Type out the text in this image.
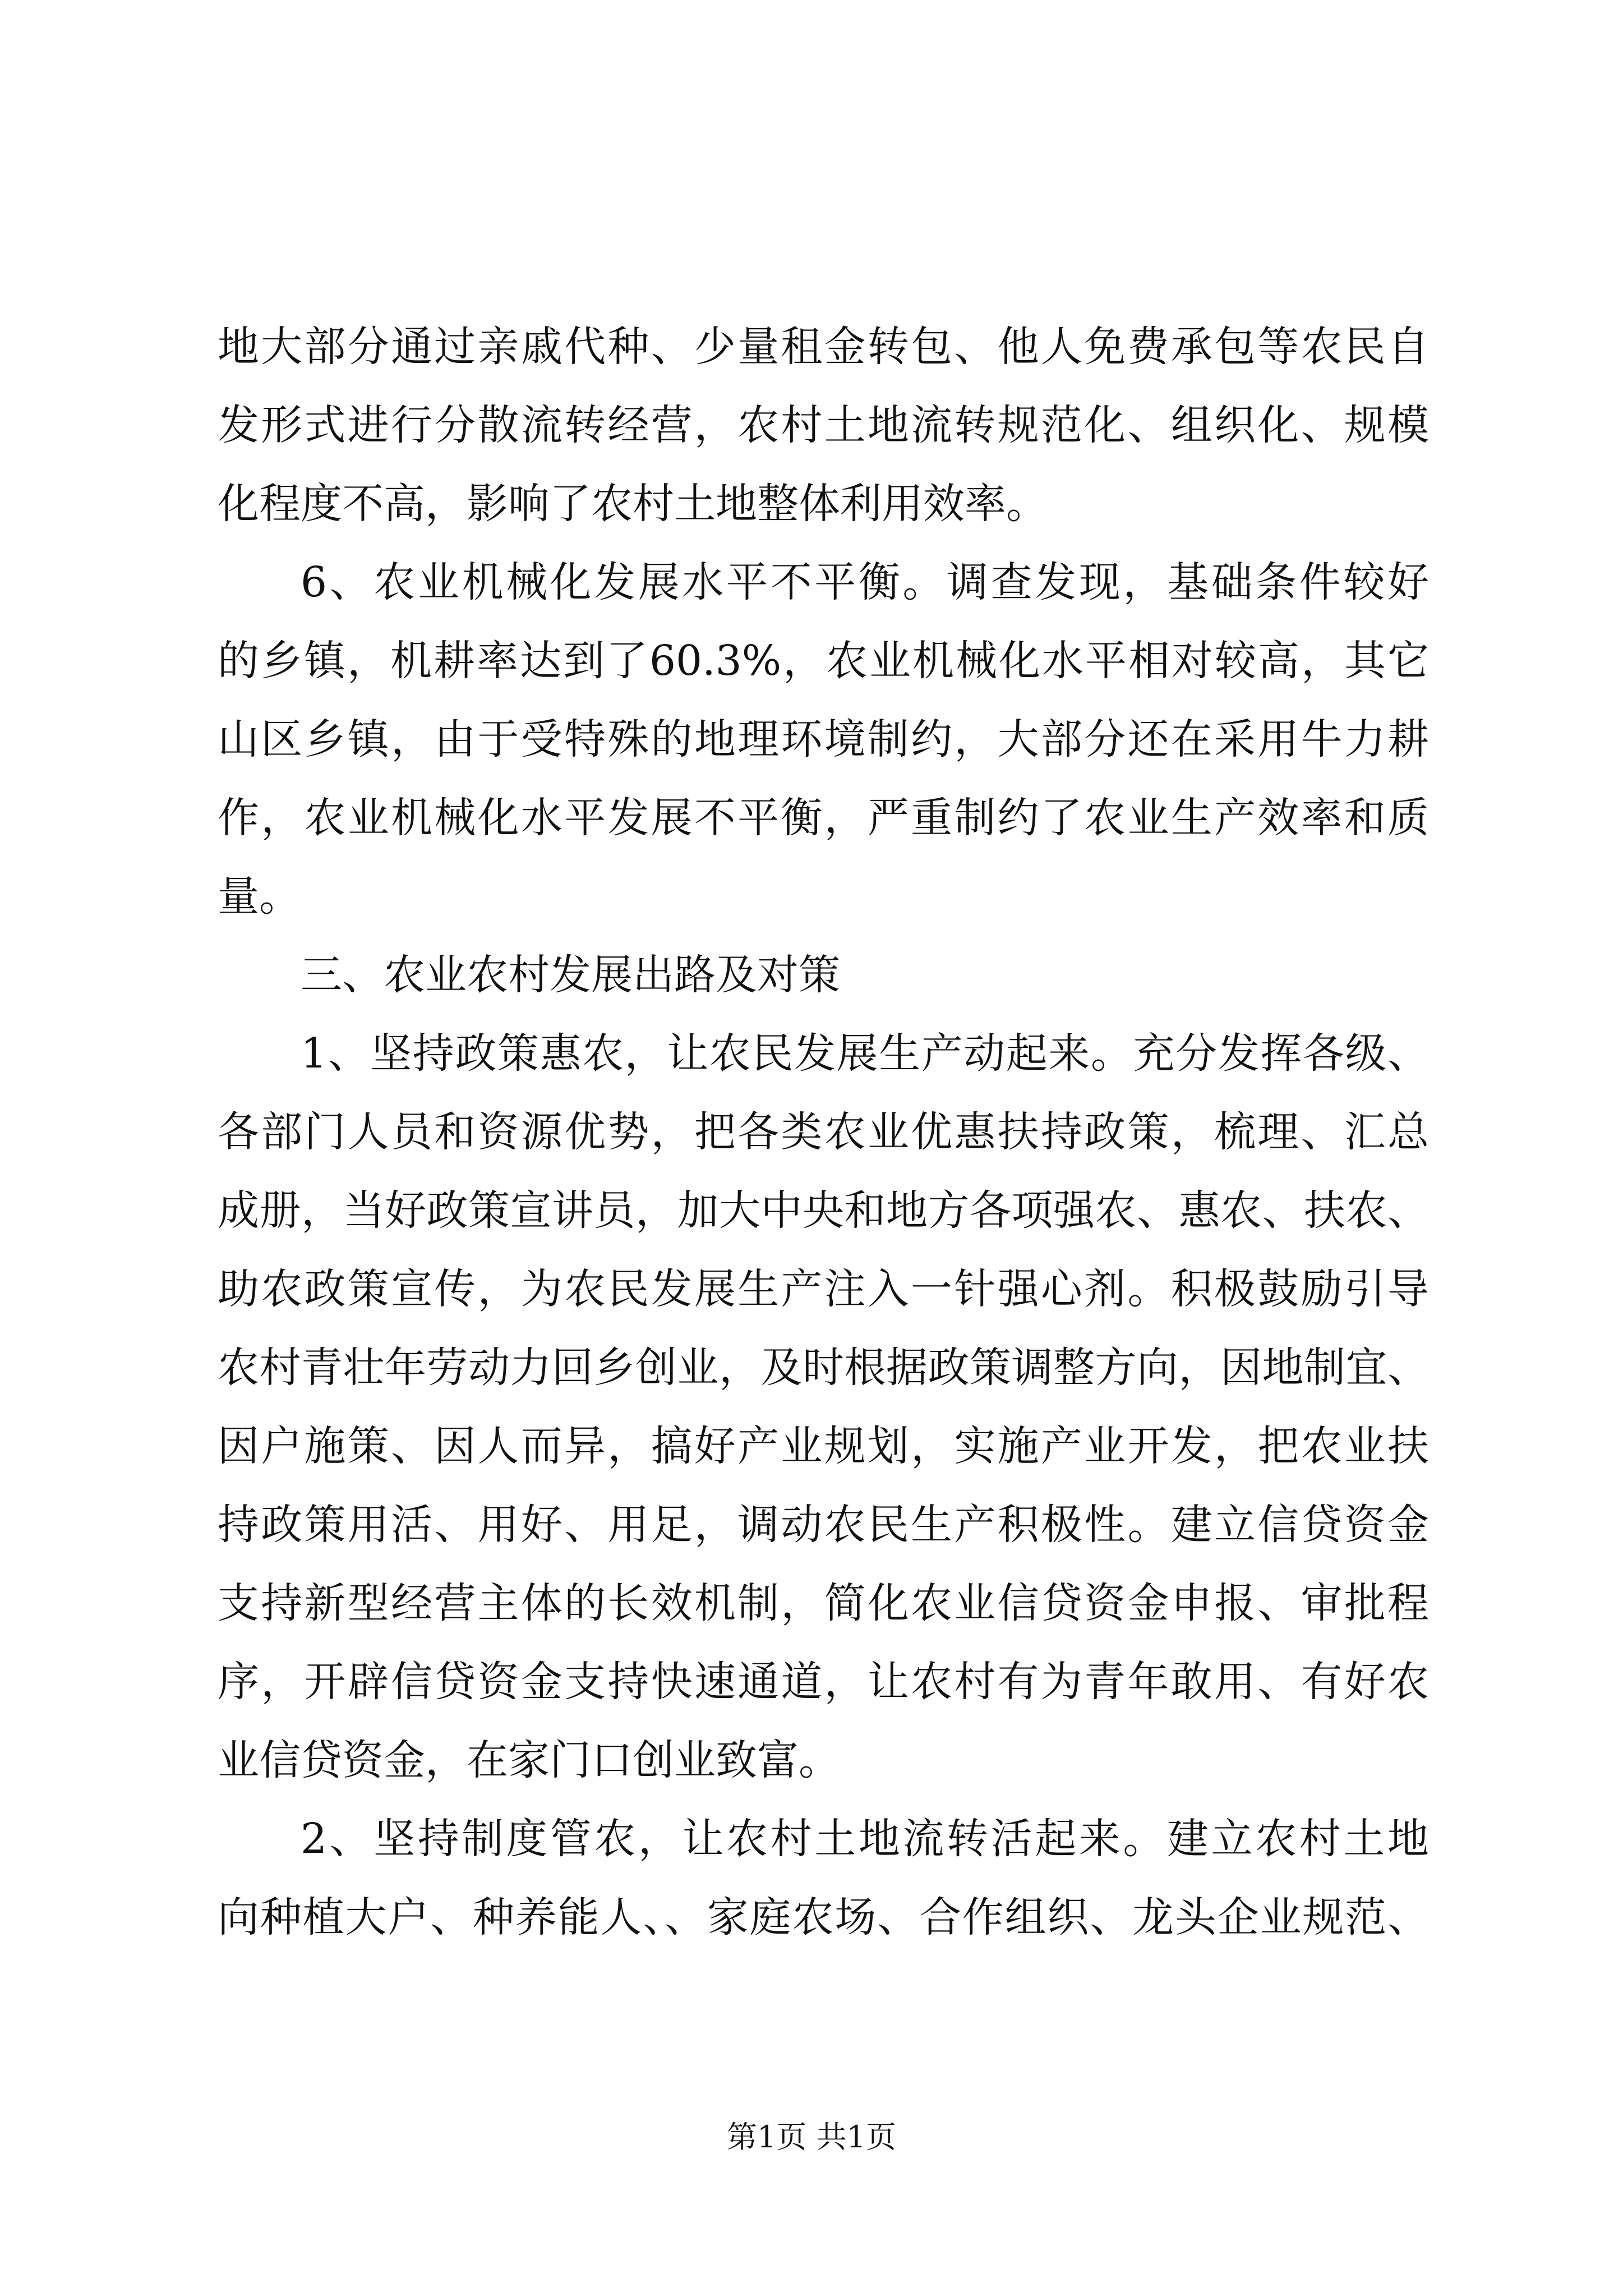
地大部分通过亲戚代种、少量租金转包、他人免费承包等农民自
发形式进行分散流转经营，农村土地流转规范化、组织化、规模
化程度不高，影响了农村土地整体利用效率。
6、农业机械化发展水平不平衡。调查发现，基础条件较好
的乡镇，机耕率达到了60.3%，农业机械化水平相对较高，其它
山区乡镇，由于受特殊的地理环境制约，大部分还在采用牛力耕
作，农业机械化水平发展不平衡，严重制约了农业生产效率和质
量。
三、农业农村发展出路及对策
1、坚持政策惠农，让农民发展生产动起来。充分发挥各级、
各部门人员和资源优势，把各类农业优惠扶持政策，梳理、汇总
成册，当好政策宣讲员，加大中央和地方各项强农、惠农、扶农、
助农政策宣传，为农民发展生产注入一针强心剂。积极鼓励引导
农村青壮年劳动力回乡创业，及时根据政策调整方向，因地制宜、
因户施策、因人而异，搞好产业规划，实施产业开发，把农业扶
持政策用活、用好、用足，调动农民生产积极性。建立信贷资金
支持新型经营主体的长效机制，简化农业信贷资金申报、审批程
序，开辟信贷资金支持快速通道，让农村有为青年敢用、有好农
业信贷资金，在家门口创业致富。
2、坚持制度管农，让农村土地流转活起来。建立农村土地
向种植大户、种养能人、、家庭农场、合作组织、龙头企业规范、
第1页 共1页
